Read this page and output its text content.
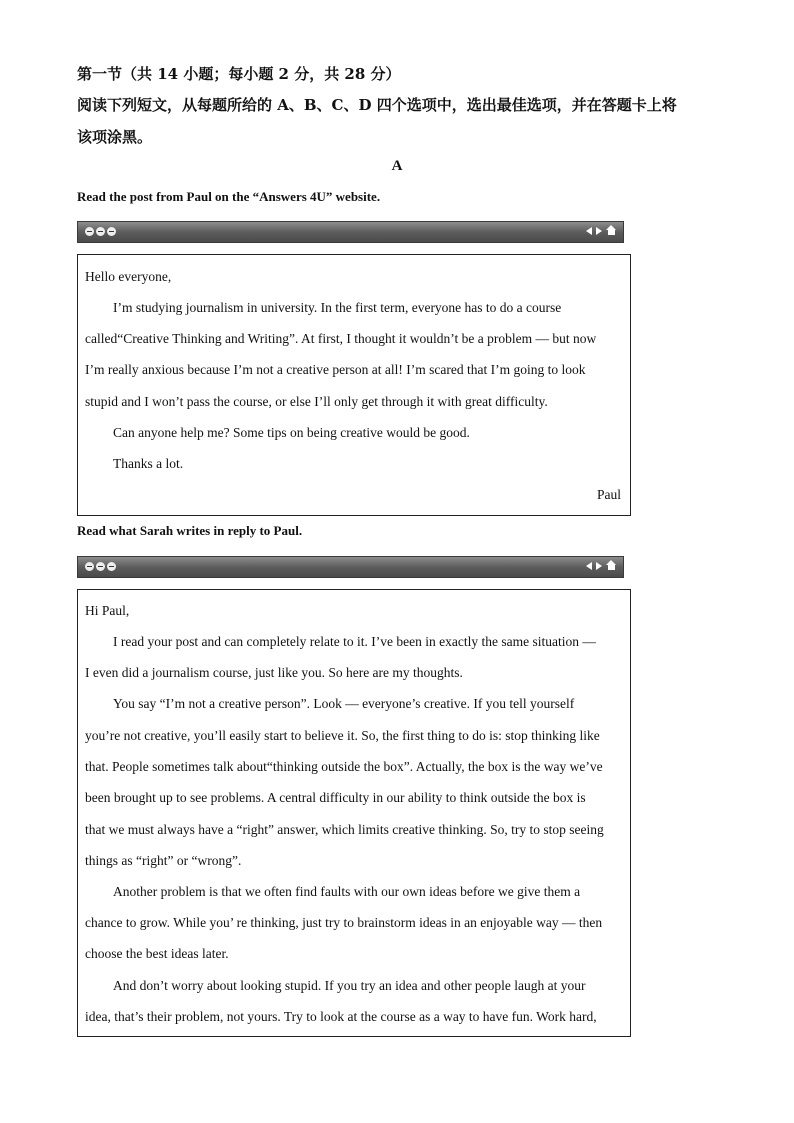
第一节（共 14 小题；每小题 2 分，共 28 分）
阅读下列短文，从每题所给的 A、B、C、D 四个选项中，选出最佳选项，并在答题卡上将
该项涂黑。
A
Read the post from Paul on the “Answers 4U” website.

Hello everyone,

I’m studying journalism in university. In the first term, everyone has to do a course

called“Creative Thinking and Writing”. At first, I thought it wouldn’t be a problem — but now

I’m really anxious because I’m not a creative person at all! I’m scared that I’m going to look

stupid and I won’t pass the course, or else I’ll only get through it with great difficulty.

Can anyone help me? Some tips on being creative would be good.

Thanks a lot.

Paul

Read what Sarah writes in reply to Paul.

Hi Paul,

I read your post and can completely relate to it. I’ve been in exactly the same situation —

I even did a journalism course, just like you. So here are my thoughts.

You say “I’m not a creative person”. Look — everyone’s creative. If you tell yourself

you’re not creative, you’ll easily start to believe it. So, the first thing to do is: stop thinking like

that. People sometimes talk about“thinking outside the box”. Actually, the box is the way we’ve

been brought up to see problems. A central difficulty in our ability to think outside the box is

that we must always have a “right” answer, which limits creative thinking. So, try to stop seeing

things as “right” or “wrong”.

Another problem is that we often find faults with our own ideas before we give them a

chance to grow. While you’ re thinking, just try to brainstorm ideas in an enjoyable way — then

choose the best ideas later.

And don’t worry about looking stupid. If you try an idea and other people laugh at your

idea, that’s their problem, not yours. Try to look at the course as a way to have fun. Work hard,
